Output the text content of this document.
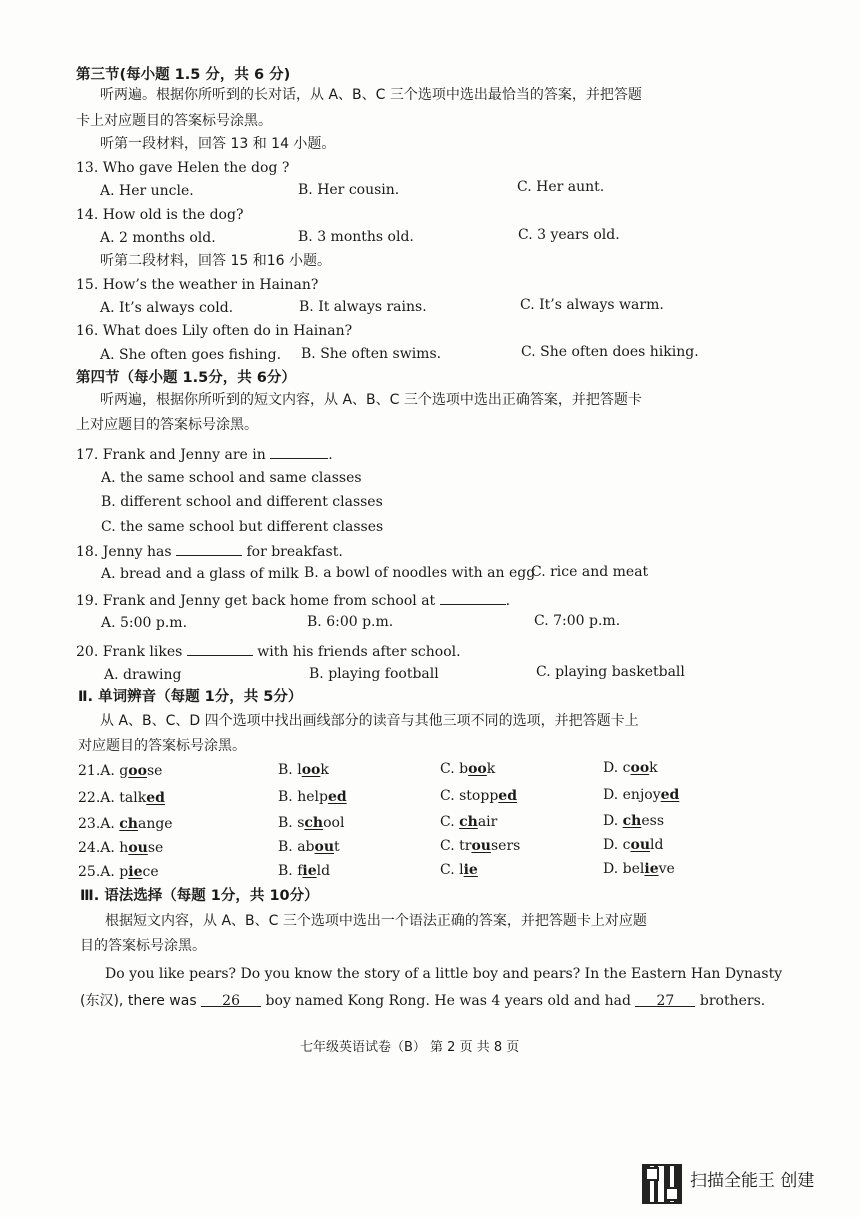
第三节(每小题 1.5 分，共 6 分)
听两遍。根据你所听到的长对话，从 A、B、C 三个选项中选出最恰当的答案，并把答题
卡上对应题目的答案标号涂黑。
听第一段材料，回答 13 和 14 小题。
13. Who gave Helen the dog ?
A. Her uncle.	B. Her cousin.	C. Her aunt.
14. How old is the dog?
A. 2 months old.	B. 3 months old.	C. 3 years old.
听第二段材料，回答 15 和16 小题。
15. How’s the weather in Hainan?
A. It’s always cold.	B. It always rains.	C. It’s always warm.
16. What does Lily often do in Hainan?
A. She often goes fishing. B. She often swims.	C. She often does hiking.
第四节（每小题 1.5分，共 6分）
听两遍，根据你所听到的短文内容，从 A、B、C 三个选项中选出正确答案，并把答题卡
上对应题目的答案标号涂黑。
17. Frank and Jenny are in	.
A. the same school and same classes
B. different school and different classes
C. the same school but different classes
18. Jenny has	for breakfast.
A. bread and a glass of milk B. a bowl of noodles with an egg
C. rice and meat
19. Frank and Jenny get back home from school at	.
A. 5:00 p.m.	B. 6:00 p.m.	C. 7:00 p.m.
20. Frank likes	with his friends after school.
A. drawing	B. playing football	C. playing basketball
Ⅱ. 单词辨音（每题 1分，共 5分）
从 A、B、C、D 四个选项中找出画线部分的读音与其他三项不同的选项，并把答题卡上
对应题目的答案标号涂黑。
21.A. goose	B. look	C. book	D. cook
22.A. talked	B. helped	C. stopped	D. enjoyed
23.A. change	B. school	C. chair	D. chess
24.A. house	B. about	C. trousers	D. could
25.A. piece	B. field	C. lie	D. believe
Ⅲ. 语法选择（每题 1分，共 10分）
根据短文内容，从 A、B、C 三个选项中选出一个语法正确的答案，并把答题卡上对应题
目的答案标号涂黑。
Do you like pears? Do you know the story of a little boy and pears? In the Eastern Han Dynasty
(东汉), there was 26 boy named Kong Rong. He was 4 years old and had 27 brothers.
七年级英语试卷（B） 第 2 页 共 8 页
扫描全能王 创建
